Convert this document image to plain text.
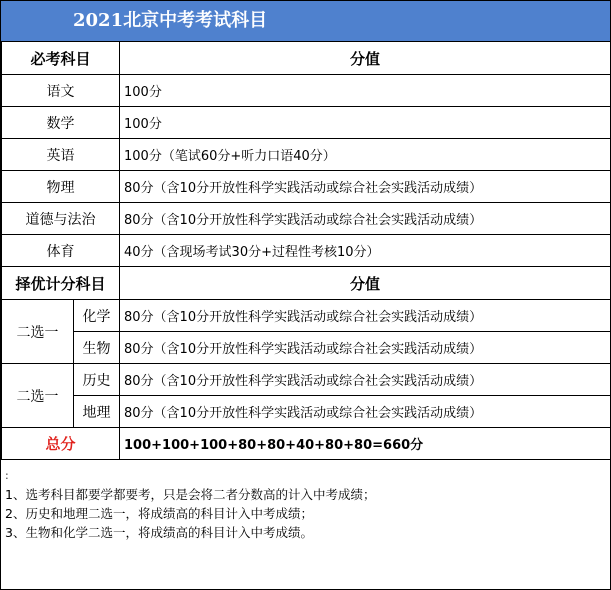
2021北京中考考试科目
必考科目		分值
语文		100分
数学		100分
英语		100分（笔试60分+听力口语40分）
物理		80分（含10分开放性科学实践活动或综合社会实践活动成绩）
道德与法治		80分（含10分开放性科学实践活动或综合社会实践活动成绩）
体育		40分（含现场考试30分+过程性考核10分）
择优计分科目		分值
二选一	化学	80分（含10分开放性科学实践活动或综合社会实践活动成绩）
	生物	80分（含10分开放性科学实践活动或综合社会实践活动成绩）
二选一	历史	80分（含10分开放性科学实践活动或综合社会实践活动成绩）
	地理	80分（含10分开放性科学实践活动或综合社会实践活动成绩）
总分		100+100+100+80+80+40+80+80=660分
:
1、选考科目都要学都要考，只是会将二者分数高的计入中考成绩；
2、历史和地理二选一，将成绩高的科目计入中考成绩；
3、生物和化学二选一，将成绩高的科目计入中考成绩。
